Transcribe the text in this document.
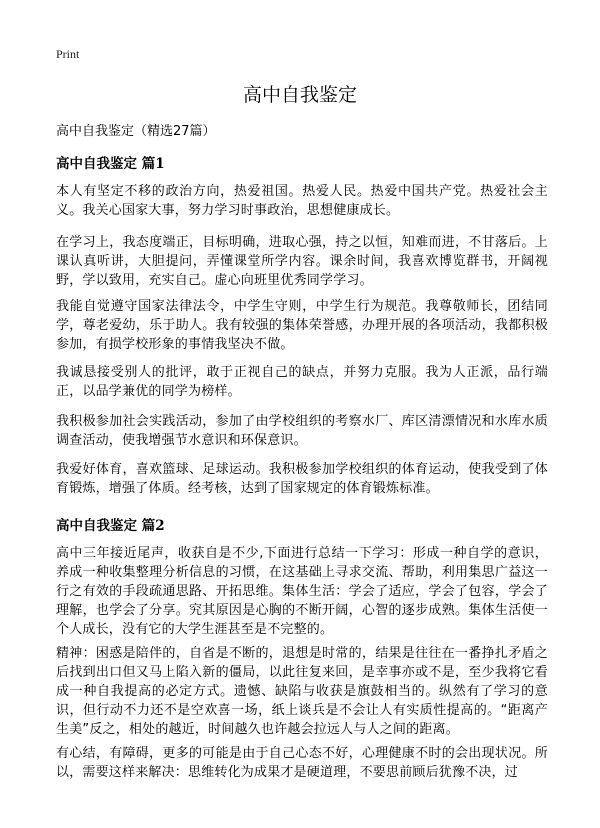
Print
高中自我鉴定
高中自我鉴定（精选27篇）
高中自我鉴定 篇1

本人有坚定不移的政治方向，热爱祖国。热爱人民。热爱中国共产党。热爱社会主义。我关心国家大事，努力学习时事政治，思想健康成长。

在学习上，我态度端正，目标明确，进取心强，持之以恒，知难而进，不甘落后。上课认真听讲，大胆提问，弄懂课堂所学内容。课余时间，我喜欢博览群书，开阔视野，学以致用，充实自己。虚心向班里优秀同学学习。

我能自觉遵守国家法律法令，中学生守则，中学生行为规范。我尊敬师长，团结同学，尊老爱幼，乐于助人。我有较强的集体荣誉感，办理开展的各项活动，我都积极参加，有损学校形象的事情我坚决不做。

我诚恳接受别人的批评，敢于正视自己的缺点，并努力克服。我为人正派，品行端正，以品学兼优的同学为榜样。

我积极参加社会实践活动，参加了由学校组织的考察水厂、库区清漂情况和水库水质调查活动，使我增强节水意识和环保意识。

我爱好体育，喜欢篮球、足球运动。我积极参加学校组织的体育运动，使我受到了体育锻炼，增强了体质。经考核，达到了国家规定的体育锻炼标准。

高中自我鉴定 篇2

高中三年接近尾声，收获自是不少,下面进行总结一下学习：形成一种自学的意识，养成一种收集整理分析信息的习惯，在这基础上寻求交流、帮助，利用集思广益这一行之有效的手段疏通思路、开拓思维。集体生活：学会了适应，学会了包容，学会了理解，也学会了分享。究其原因是心胸的不断开阔，心智的逐步成熟。集体生活使一个人成长，没有它的大学生涯甚至是不完整的。

精神：困惑是陪伴的，自省是不断的，退想是时常的，结果是往往在一番挣扎矛盾之后找到出口但又马上陷入新的僵局，以此往复来回，是幸事亦或不是，至少我将它看成一种自我提高的必定方式。遗憾、缺陷与收获是旗鼓相当的。纵然有了学习的意识，但行动不力还不是空欢喜一场，纸上谈兵是不会让人有实质性提高的。“距离产生美”反之，相处的越近，时间越久也许越会拉远人与人之间的距离。

有心结，有障碍，更多的可能是由于自己心态不好，心理健康不时的会出现状况。所以，需要这样来解决：思维转化为成果才是硬道理，不要思前顾后犹豫不决，过
